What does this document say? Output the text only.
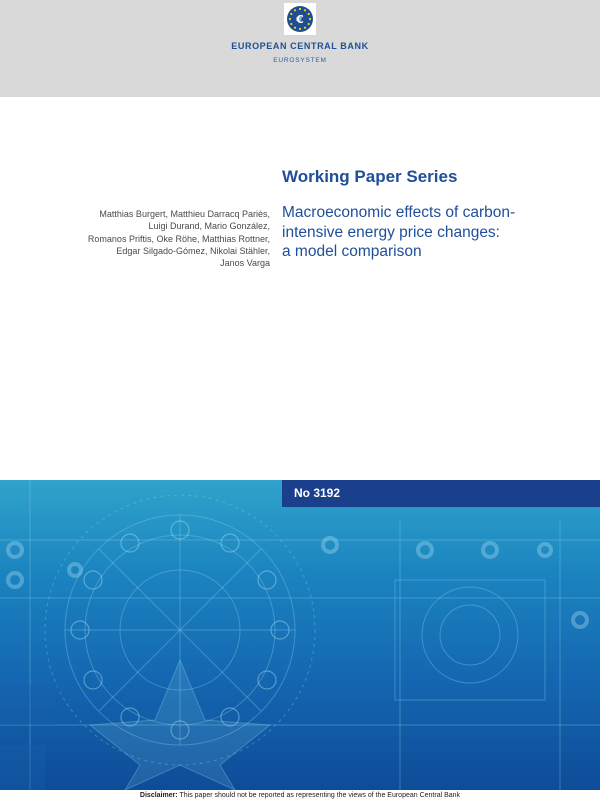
€
EUROPEAN CENTRAL BANK
EUROSYSTEM
Working Paper Series
Matthias Burgert, Matthieu Darracq Pariès,
Luigi Durand, Mario González,
Romanos Priftis, Oke Röhe, Matthias Rottner,
Edgar Silgado-Gómez, Nikolai Stähler,
Janos Varga
Macroeconomic effects of carbon-
intensive energy price changes:
a model comparison
No 3192
Disclaimer: This paper should not be reported as representing the views of the European Central Bank
